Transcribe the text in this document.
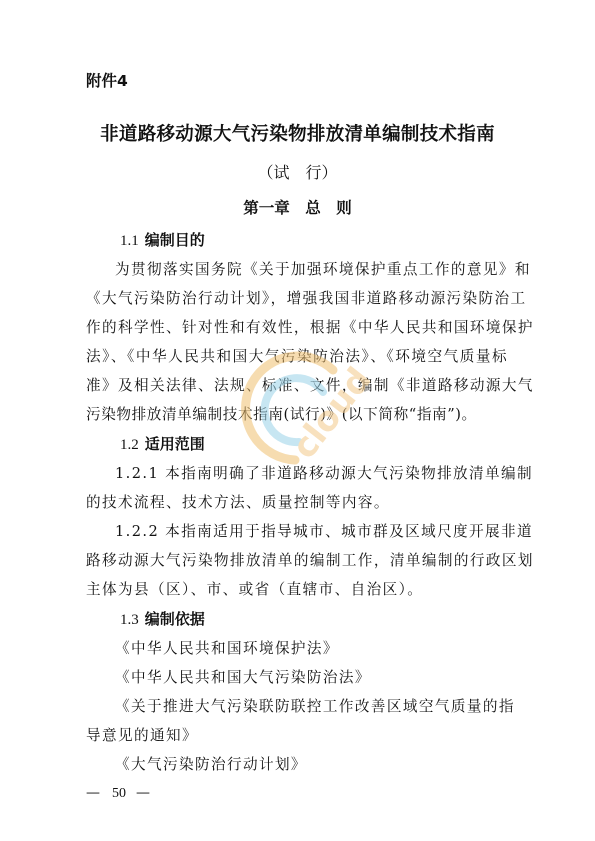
附件4

非道路移动源大气污染物排放清单编制技术指南

（试　行）

第一章　总　则

1.1 编制目的

为贯彻落实国务院《关于加强环境保护重点工作的意见》和

《大气污染防治行动计划》，增强我国非道路移动源污染防治工

作的科学性、针对性和有效性，根据《中华人民共和国环境保护

法》、《中华人民共和国大气污染防治法》、《环境空气质量标

准》及相关法律、法规、标准、文件，编制《非道路移动源大气

污染物排放清单编制技术指南(试行)》(以下简称“指南”)。

1.2 适用范围

1.2.1 本指南明确了非道路移动源大气污染物排放清单编制

的技术流程、技术方法、质量控制等内容。

1.2.2 本指南适用于指导城市、城市群及区域尺度开展非道

路移动源大气污染物排放清单的编制工作，清单编制的行政区划

主体为县（区）、市、或省（直辖市、自治区）。

1.3 编制依据

《中华人民共和国环境保护法》

《中华人民共和国大气污染防治法》

《关于推进大气污染联防联控工作改善区域空气质量的指

导意见的通知》

《大气污染防治行动计划》

cloud

— 50 —
